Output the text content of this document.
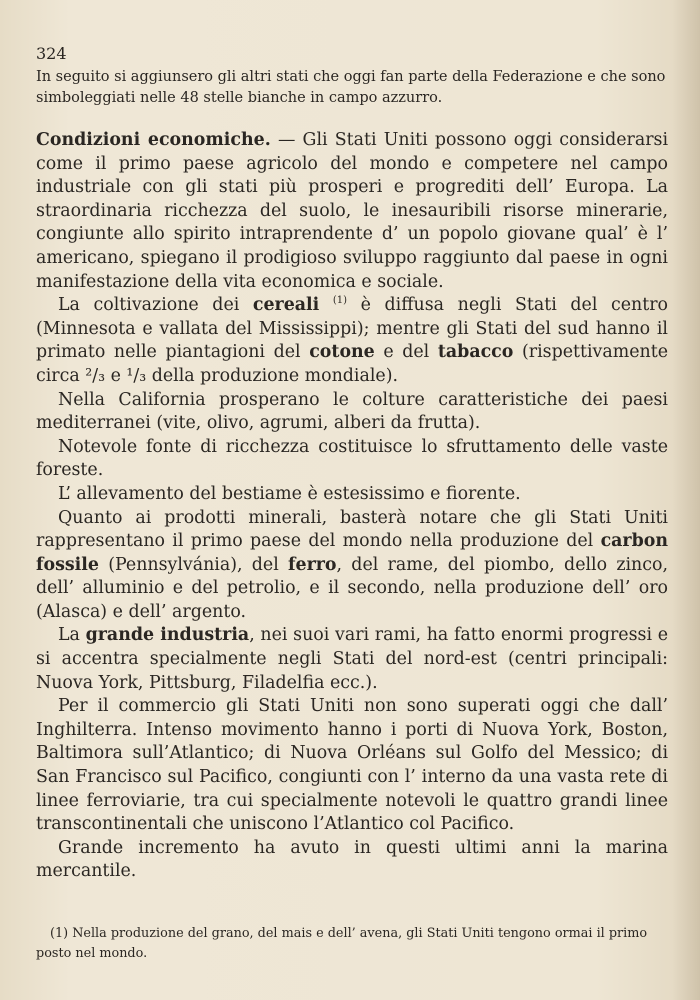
324

In seguito si aggiunsero gli altri stati che oggi fan parte della Federazione e che sono simboleggiati nelle 48 stelle bianche in campo azzurro.

Condizioni economiche. — Gli Stati Uniti possono oggi considerarsi come il primo paese agricolo del mondo e competere nel campo industriale con gli stati più prosperi e progrediti dell’ Europa. La straordinaria ricchezza del suolo, le inesauribili risorse minerarie, congiunte allo spirito intraprendente d’ un popolo giovane qual’ è l’ americano, spiegano il prodigioso sviluppo raggiunto dal paese in ogni manifestazione della vita economica e sociale.

La coltivazione dei cereali $^{(1)}$ è diffusa negli Stati del centro (Minnesota e vallata del Mississippi); mentre gli Stati del sud hanno il primato nelle piantagioni del cotone e del tabacco (rispettivamente circa ²/₃ e ¹/₃ della produzione mondiale).

Nella California prosperano le colture caratteristiche dei paesi mediterranei (vite, olivo, agrumi, alberi da frutta).

Notevole fonte di ricchezza costituisce lo sfruttamento delle vaste foreste.

L’ allevamento del bestiame è estesissimo e fiorente.

Quanto ai prodotti minerali, basterà notare che gli Stati Uniti rappresentano il primo paese del mondo nella produzione del carbon fossile (Pennsylvánia), del ferro, del rame, del piombo, dello zinco, dell’ alluminio e del petrolio, e il secondo, nella produzione dell’ oro (Alasca) e dell’ argento.

La grande industria, nei suoi vari rami, ha fatto enormi progressi e si accentra specialmente negli Stati del nord-est (centri principali: Nuova York, Pittsburg, Filadelfia ecc.).

Per il commercio gli Stati Uniti non sono superati oggi che dall’ Inghilterra. Intenso movimento hanno i porti di Nuova York, Boston, Baltimora sull’Atlantico; di Nuova Orléans sul Golfo del Messico; di San Francisco sul Pacifico, congiunti con l’ interno da una vasta rete di linee ferroviarie, tra cui specialmente notevoli le quattro grandi linee transcontinentali che uniscono l’Atlantico col Pacifico.

Grande incremento ha avuto in questi ultimi anni la marina mercantile.

(1) Nella produzione del grano, del mais e dell’ avena, gli Stati Uniti tengono ormai il primo posto nel mondo.
